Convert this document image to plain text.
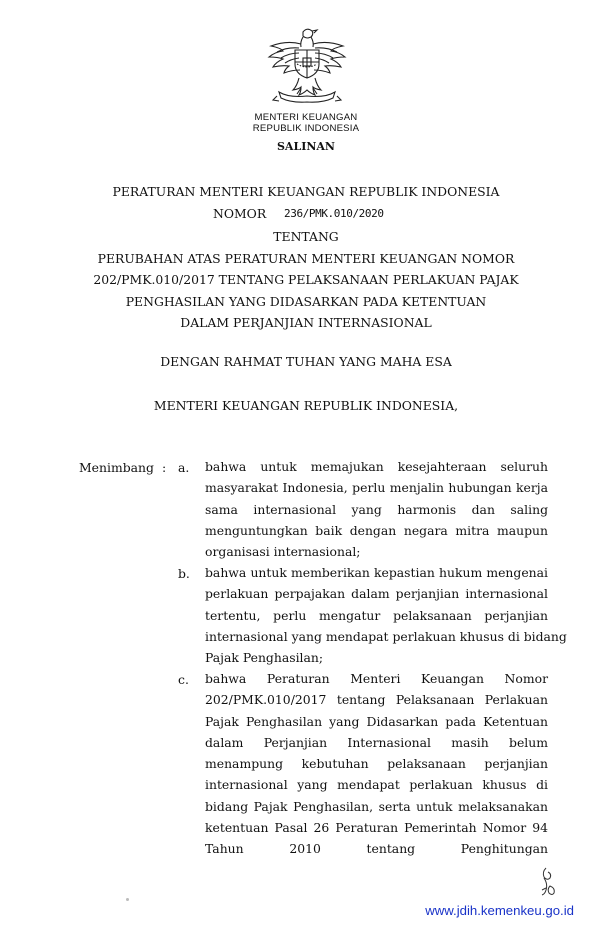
MENTERI KEUANGAN
REPUBLIK INDONESIA
SALINAN
PERATURAN MENTERI KEUANGAN REPUBLIK INDONESIA
NOMOR 236/PMK.010/2020
TENTANG
PERUBAHAN ATAS PERATURAN MENTERI KEUANGAN NOMOR
202/PMK.010/2017 TENTANG PELAKSANAAN PERLAKUAN PAJAK
PENGHASILAN YANG DIDASARKAN PADA KETENTUAN
DALAM PERJANJIAN INTERNASIONAL
DENGAN RAHMAT TUHAN YANG MAHA ESA
MENTERI KEUANGAN REPUBLIK INDONESIA,
Menimbang : a. bahwa untuk memajukan kesejahteraan seluruh
masyarakat Indonesia, perlu menjalin hubungan kerja
sama internasional yang harmonis dan saling
menguntungkan baik dengan negara mitra maupun
organisasi internasional;
b. bahwa untuk memberikan kepastian hukum mengenai
perlakuan perpajakan dalam perjanjian internasional
tertentu, perlu mengatur pelaksanaan perjanjian
internasional yang mendapat perlakuan khusus di bidang
Pajak Penghasilan;
c. bahwa Peraturan Menteri Keuangan Nomor
202/PMK.010/2017 tentang Pelaksanaan Perlakuan
Pajak Penghasilan yang Didasarkan pada Ketentuan
dalam Perjanjian Internasional masih belum
menampung kebutuhan pelaksanaan perjanjian
internasional yang mendapat perlakuan khusus di
bidang Pajak Penghasilan, serta untuk melaksanakan
ketentuan Pasal 26 Peraturan Pemerintah Nomor 94
Tahun 2010 tentang Penghitungan
www.jdih.kemenkeu.go.id
